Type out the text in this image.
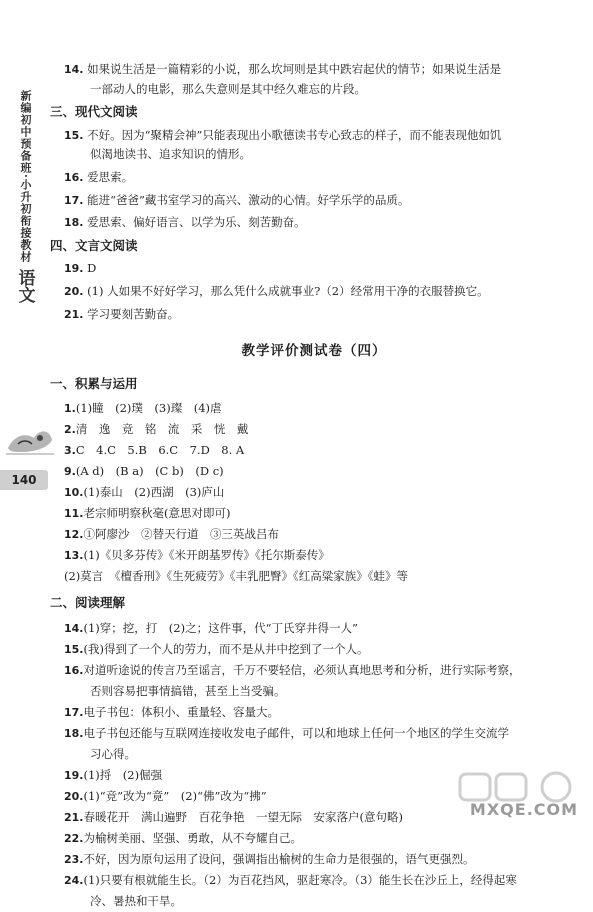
新编初中预备班·小升初衔接教材
语文
140
14. 如果说生活是一篇精彩的小说，那么坎坷则是其中跌宕起伏的情节；如果说生活是
一部动人的电影，那么失意则是其中经久难忘的片段。
三、现代文阅读
15. 不好。因为“聚精会神”只能表现出小歌德读书专心致志的样子，而不能表现他如饥
似渴地读书、追求知识的情形。
16. 爱思索。
17. 能进“爸爸”藏书室学习的高兴、激动的心情。好学乐学的品质。
18. 爱思索、偏好语言、以学为乐、刻苦勤奋。
四、文言文阅读
19. D
20. (1) 人如果不好好学习，那么凭什么成就事业?（2）经常用干净的衣服替换它。
21. 学习要刻苦勤奋。
教学评价测试卷（四）
一、积累与运用
1.(1)瞳　(2)璞　(3)璨　(4)虐
2.清　逸　竞　铭　流　采　恍　戴
3.C　4.C　5.B　6.C　7.D　8. A
9.(A d)　(B a)　(C b)　(D c)
10.(1)泰山　(2)西湖　(3)庐山
11.老宗师明察秋毫(意思对即可)
12.①阿廖沙　②替天行道　③三英战吕布
13.(1)《贝多芬传》《米开朗基罗传》《托尔斯泰传》
(2)莫言　《檀香刑》《生死疲劳》《丰乳肥臀》《红高粱家族》《蛙》等
二、阅读理解
14.(1)穿；挖，打　(2)之；这件事，代“丁氏穿井得一人”
15.(我)得到了一个人的劳力，而不是从井中挖到了一个人。
16.对道听途说的传言乃至谣言，千万不要轻信，必须认真地思考和分析，进行实际考察，
否则容易把事情搞错，甚至上当受骗。
17.电子书包：体积小、重量轻、容量大。
18.电子书包还能与互联网连接收发电子邮件，可以和地球上任何一个地区的学生交流学
习心得。
19.(1)捋　(2)倔强
20.(1)“竞”改为“竟”　(2)“佛”改为“拂”
21.春暖花开　满山遍野　百花争艳　一望无际　安家落户(意句略)
22.为榆树美丽、坚强、勇敢，从不夸耀自己。
23.不好，因为原句运用了设问，强调指出榆树的生命力是很强的，语气更强烈。
24.(1)只要有根就能生长。（2）为百花挡风，驱赶寒冷。（3）能生长在沙丘上，经得起寒
冷、暑热和干旱。
MXQE.COM
